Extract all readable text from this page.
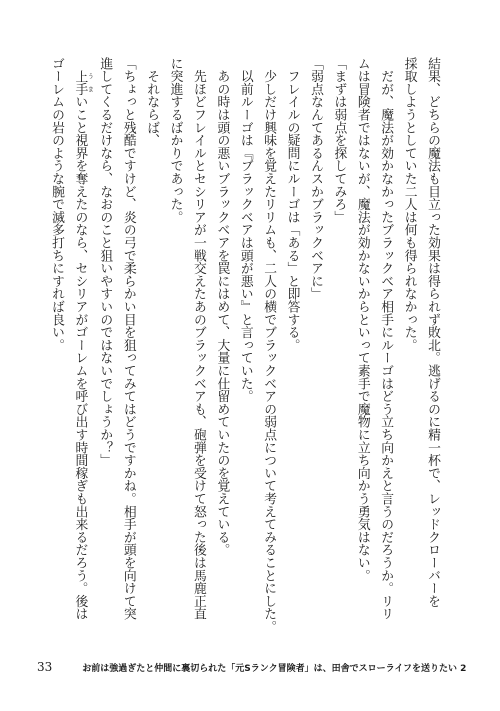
結果、どちらの魔法も目立った効果は得られず敗北。逃げるのに精一杯で、レッドクローバーを
採取しようとしていた二人は何も得られなかった。
　だが、魔法が効かなかったブラックベア相手にルーゴはどう立ち向かえと言うのだろうか。リリ
ムは冒険者ではないが、魔法が効かないからといって素手で魔物に立ち向かう勇気はない。
「まずは弱点を探してみろ」
「弱点なんてあるんスかブラックベアに」
　フレイルの疑問にルーゴは「ある」と即答する。
　少しだけ興味を覚えたリリムも、二人の横でブラックベアの弱点について考えてみることにした。
　以前ルーゴは『ブラックベアは頭が悪い』と言っていた。
　あの時は頭の悪いブラックベアを罠にはめて、大量に仕留めていたのを覚えている。
　先ほどフレイルとセシリアが一戦交えたあのブラックベアも、砲弾を受けて怒った後は馬鹿正直
に突進するばかりであった。
　それならば、
「ちょっと残酷ですけど、炎の弓で柔らかい目を狙ってみてはどうですかね。相手が頭を向けて突
進してくるだけなら、なおのこと狙いやすいのではないでしょうか？」
　上手 うまいこと視界を奪えたのなら、セシリアがゴーレムを呼び出す時間稼ぎも出来るだろう。後は
ゴーレムの岩のような腕で滅多打ちにすれば良い。
33	お前は強過ぎたと仲間に裏切られた「元Sランク冒険者」は、田舎でスローライフを送りたい 2
